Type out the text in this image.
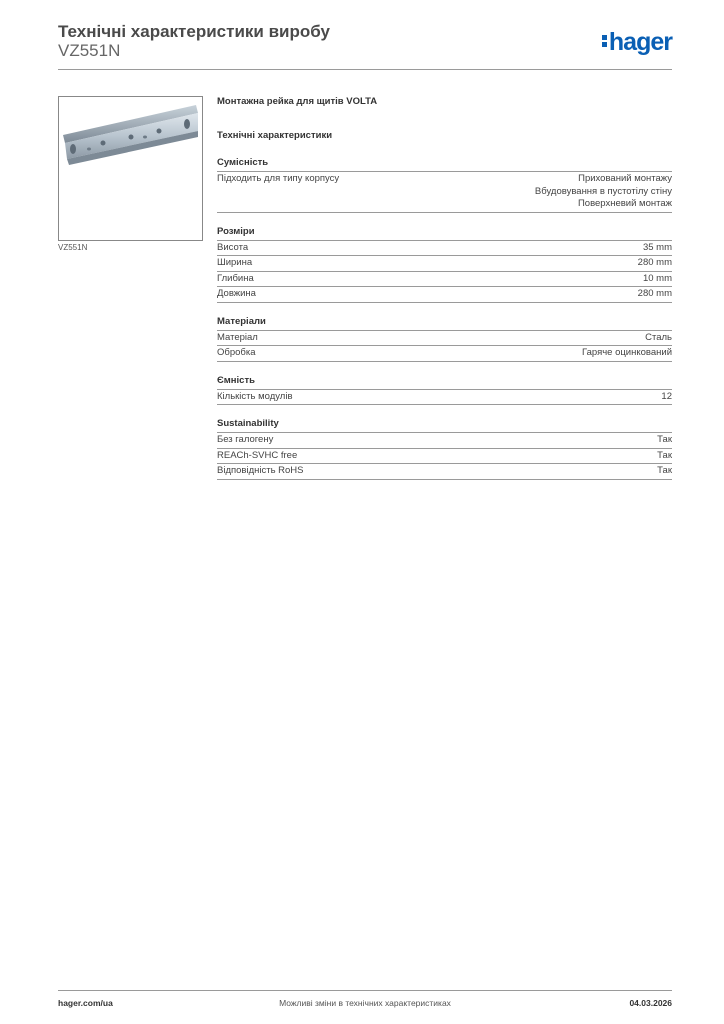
Технічні характеристики виробу
VZ551N	hager
VZ551N
Монтажна рейка для щитів VOLTA
Технічні характеристики
Сумісність
Підходить для типу корпусу	Прихований монтажу
Вбудовування в пустотілу стіну
Поверхневий монтаж
Розміри
Висота	35 mm
Ширина	280 mm
Глибина	10 mm
Довжина	280 mm
Матеріали
Матеріал	Сталь
Обробка	Гаряче оцинкований
Ємність
Кількість модулів	12
Sustainability
Без галогену	Так
REACh-SVHC free	Так
Відповідність RoHS	Так
hager.com/ua	Можливі зміни в технічних характеристиках	04.03.2026
